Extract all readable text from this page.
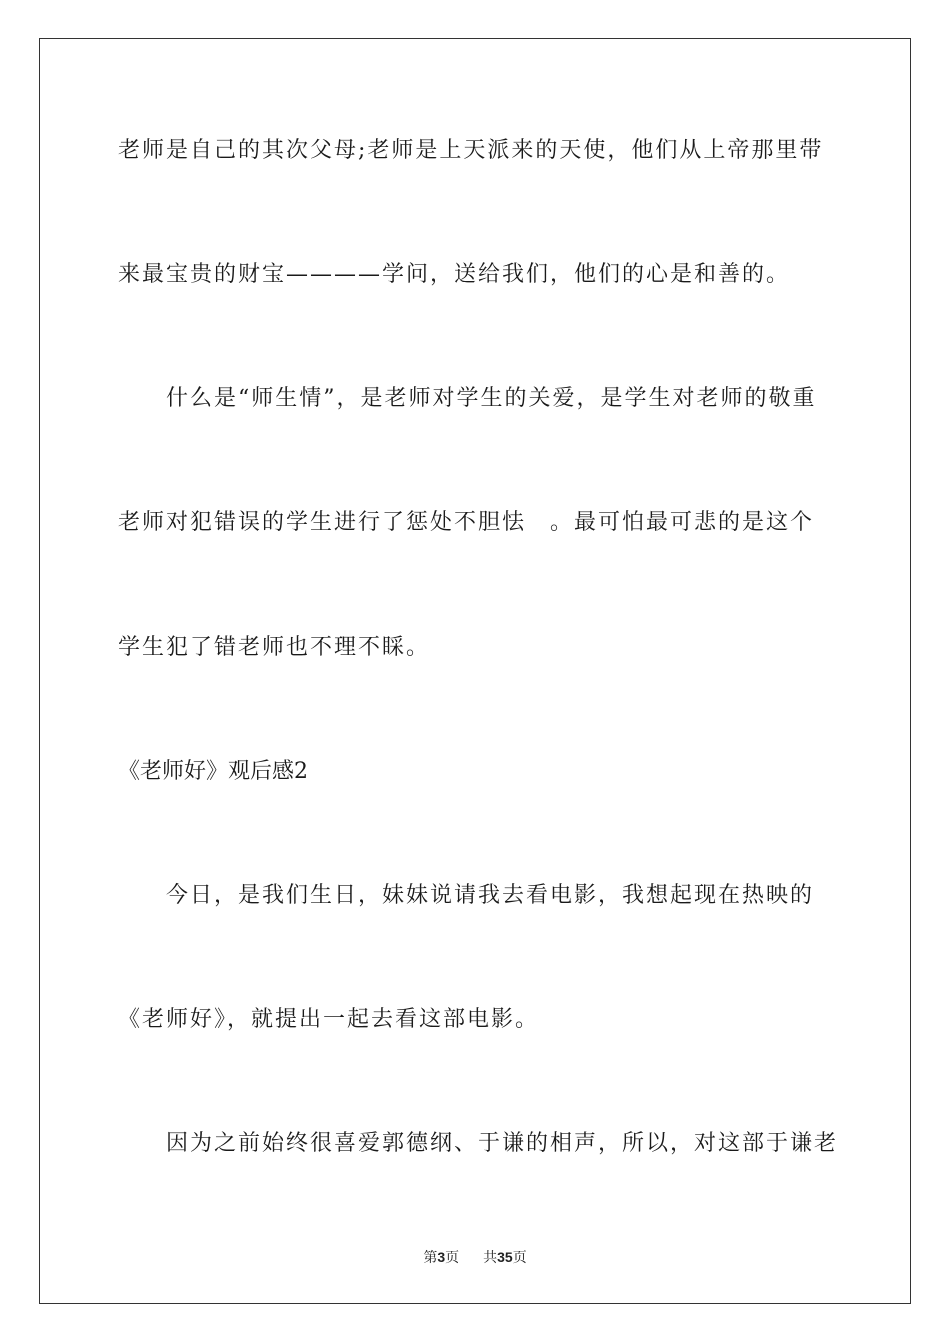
老师是自己的其次父母;老师是上天派来的天使，他们从上帝那里带
来最宝贵的财宝————学问，送给我们，他们的心是和善的。
什么是“师生情”，是老师对学生的关爱，是学生对老师的敬重
老师对犯错误的学生进行了惩处不胆怯　。最可怕最可悲的是这个
学生犯了错老师也不理不睬。
《老师好》观后感2
今日，是我们生日，妹妹说请我去看电影，我想起现在热映的
《老师好》，就提出一起去看这部电影。
因为之前始终很喜爱郭德纲、于谦的相声，所以，对这部于谦老
第3页 共35页
